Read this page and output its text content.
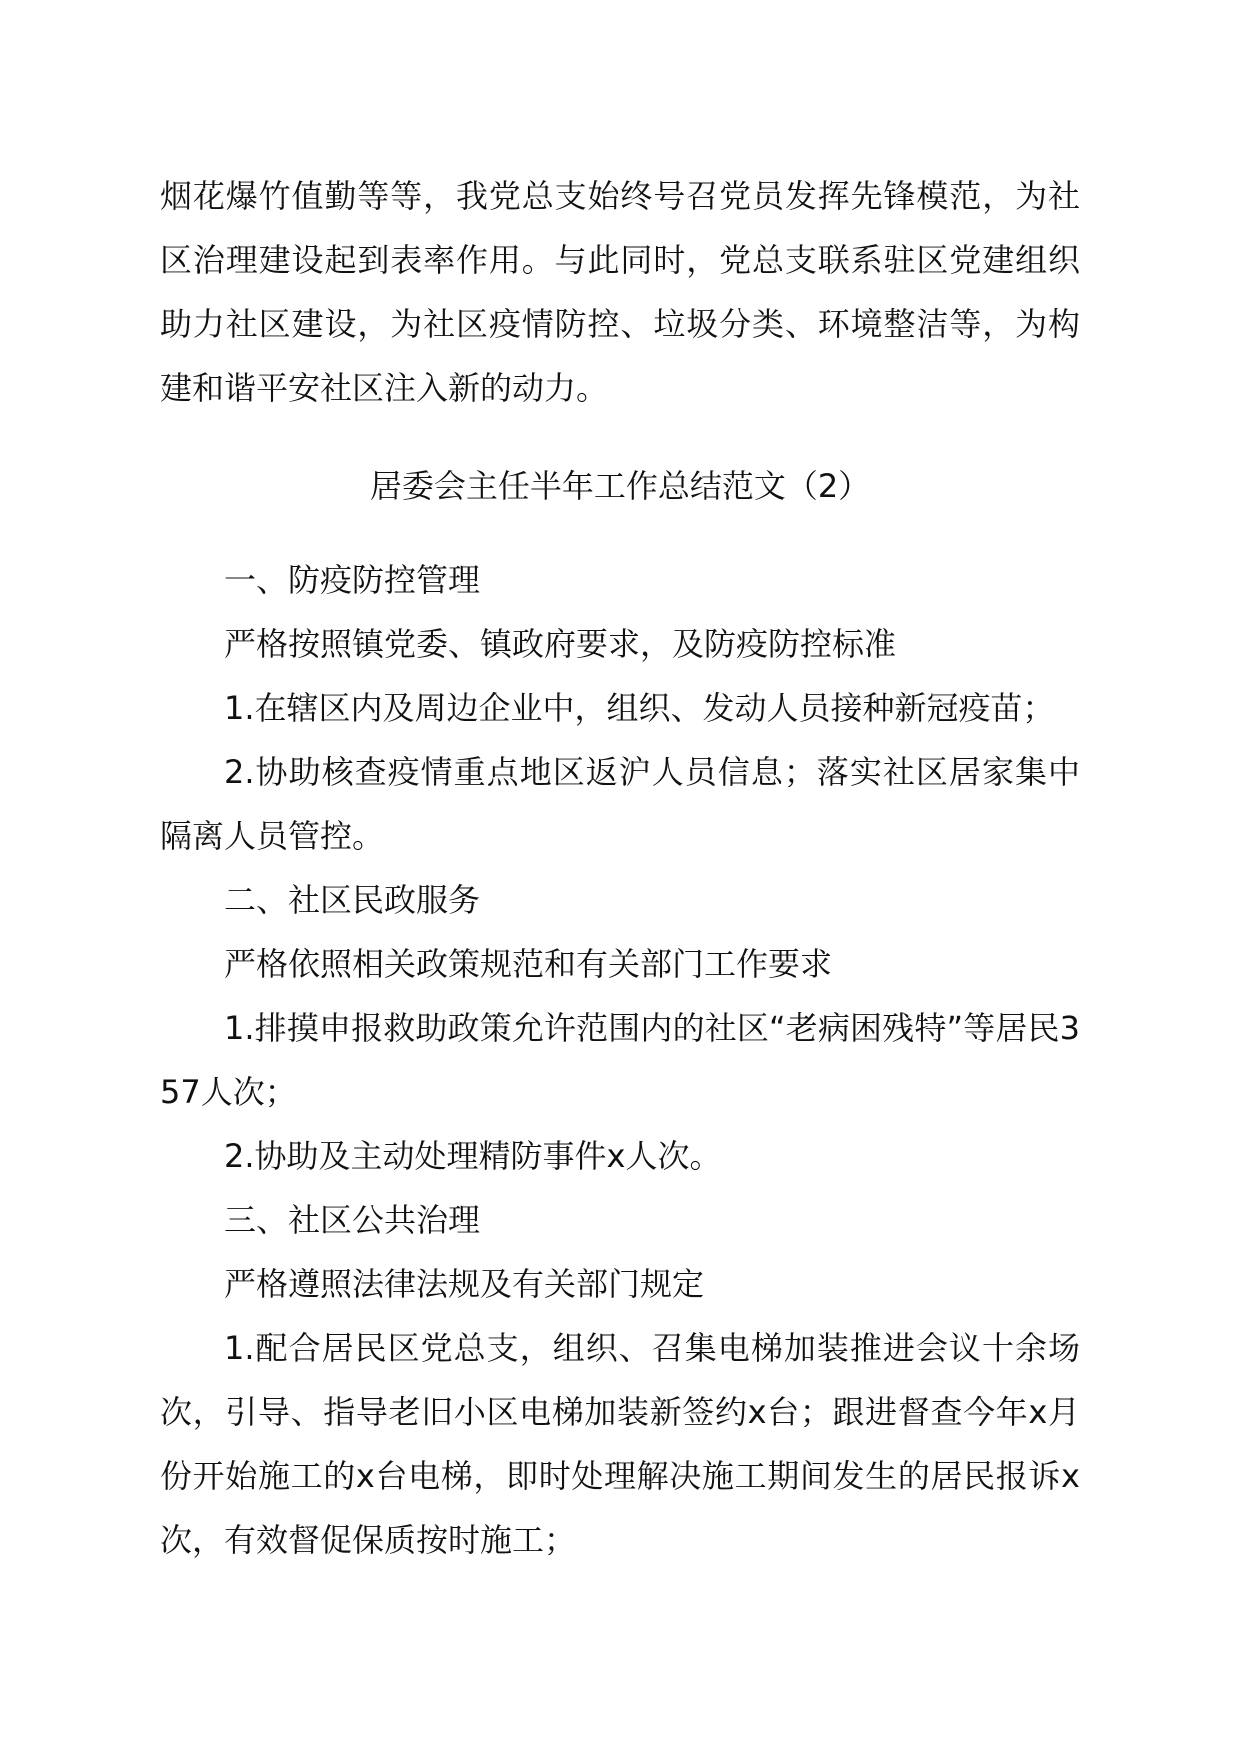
烟花爆竹值勤等等，我党总支始终号召党员发挥先锋模范，为社区治理建设起到表率作用。与此同时，党总支联系驻区党建组织助力社区建设，为社区疫情防控、垃圾分类、环境整洁等，为构建和谐平安社区注入新的动力。

居委会主任半年工作总结范文（2）

一、防疫防控管理

严格按照镇党委、镇政府要求，及防疫防控标准

1.在辖区内及周边企业中，组织、发动人员接种新冠疫苗；

2.协助核查疫情重点地区返沪人员信息；落实社区居家集中隔离人员管控。

二、社区民政服务

严格依照相关政策规范和有关部门工作要求

1.排摸申报救助政策允许范围内的社区“老病困残特”等居民357人次；

2.协助及主动处理精防事件x人次。

三、社区公共治理

严格遵照法律法规及有关部门规定

1.配合居民区党总支，组织、召集电梯加装推进会议十余场次，引导、指导老旧小区电梯加装新签约x台；跟进督查今年x月份开始施工的x台电梯，即时处理解决施工期间发生的居民报诉x次，有效督促保质按时施工；
